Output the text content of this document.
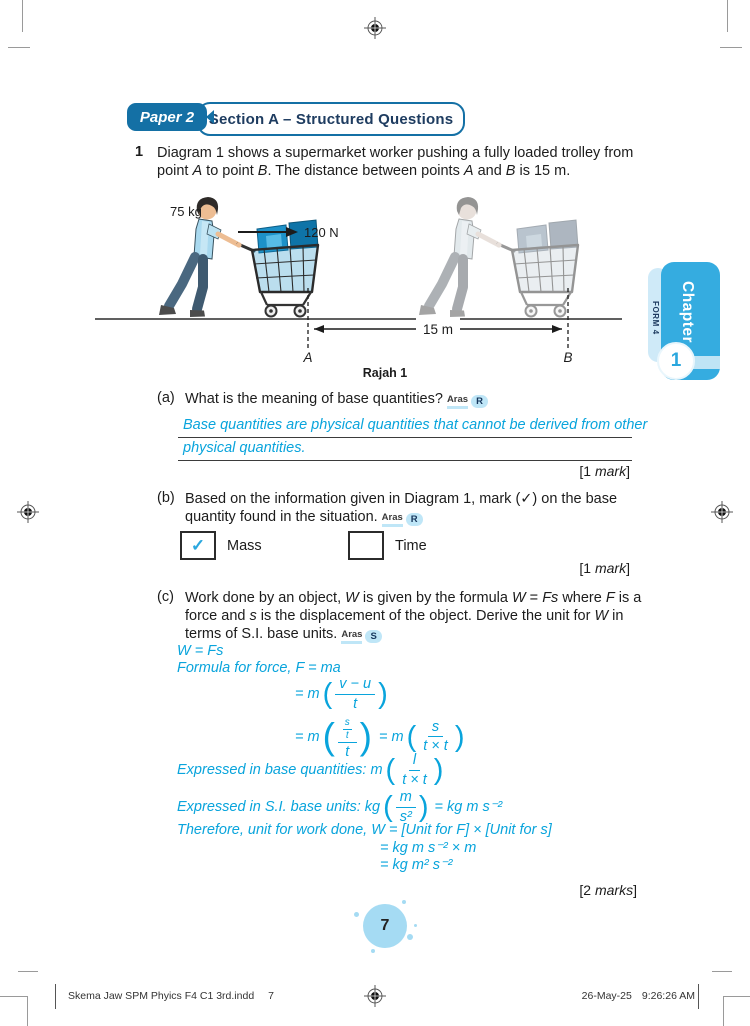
Section A – Structured Questions
Paper 2
1 Diagram 1 shows a supermarket worker pushing a fully loaded trolley from
point A to point B. The distance between points A and B is 15 m.
75 kg
120 N
15 m
A	B
Rajah 1
(a) What is the meaning of base quantities? Aras R
Base quantities are physical quantities that cannot be derived from other
physical quantities.
[1 mark]
(b) Based on the information given in Diagram 1, mark (✓) on the base
quantity found in the situation. Aras R
✓ Mass	Time
[1 mark]
(c) Work done by an object, W is given by the formula W = Fs where F is a
force and s is the displacement of the object. Derive the unit for W in
terms of S.I. base units. Aras S
W = Fs
Formula for force, F = ma
= m ( $\frac{v - u}{t}$ )
= m ( $\frac{\frac{s}{t}}{t}$ ) = m ( $\frac{s}{t \times t}$ )
Expressed in base quantities: m ( $\frac{l}{t \times t}$ )
Expressed in S.I. base units: kg ( $\frac{m}{\text{s²}}$ ) = kg m s⁻²
Therefore, unit for work done, W = [Unit for F] × [Unit for s]
= kg m s⁻² × m
= kg m² s⁻²
[2 marks]
FORM 4	Chapter
1
7
Skema Jaw SPM Phyics F4 C1 3rd.indd 7	26-May-25 9:26:26 AM
